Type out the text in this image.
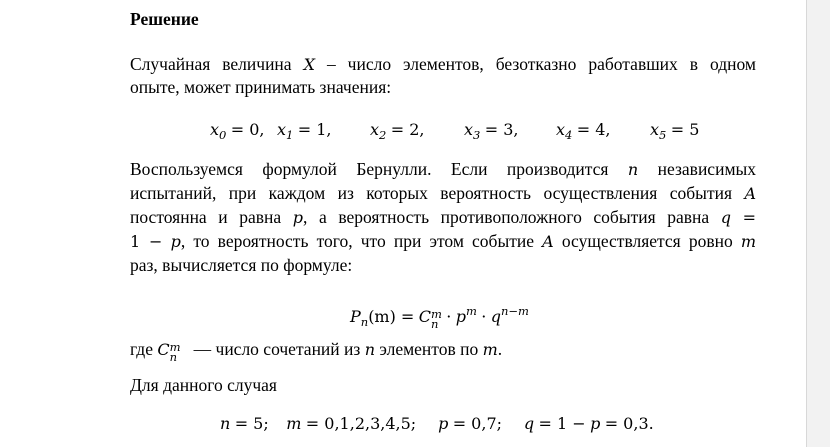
Решение
Случайная величина X – число элементов, безотказно работавших в одном
опыте, может принимать значения:
$x_0 = 0$, $x_1 = 1$, $x_2 = 2$, $x_3 = 3$, $x_4 = 4$, $x_5 = 5$
Воспользуемся формулой Бернулли. Если производится n независимых
испытаний, при каждом из которых вероятность осуществления события A
постоянна и равна p, а вероятность противоположного события равна q =
1 − p, то вероятность того, что при этом событие A осуществляется ровно m
раз, вычисляется по формуле:
$P_n(m) = C$ m
$n \cdot p^m \cdot q^{n-m}$
где C m
n — число сочетаний из n элементов по m.
Для данного случая
n = 5; m = 0,1,2,3,4,5; p = 0,7; q = 1 − p = 0,3.
